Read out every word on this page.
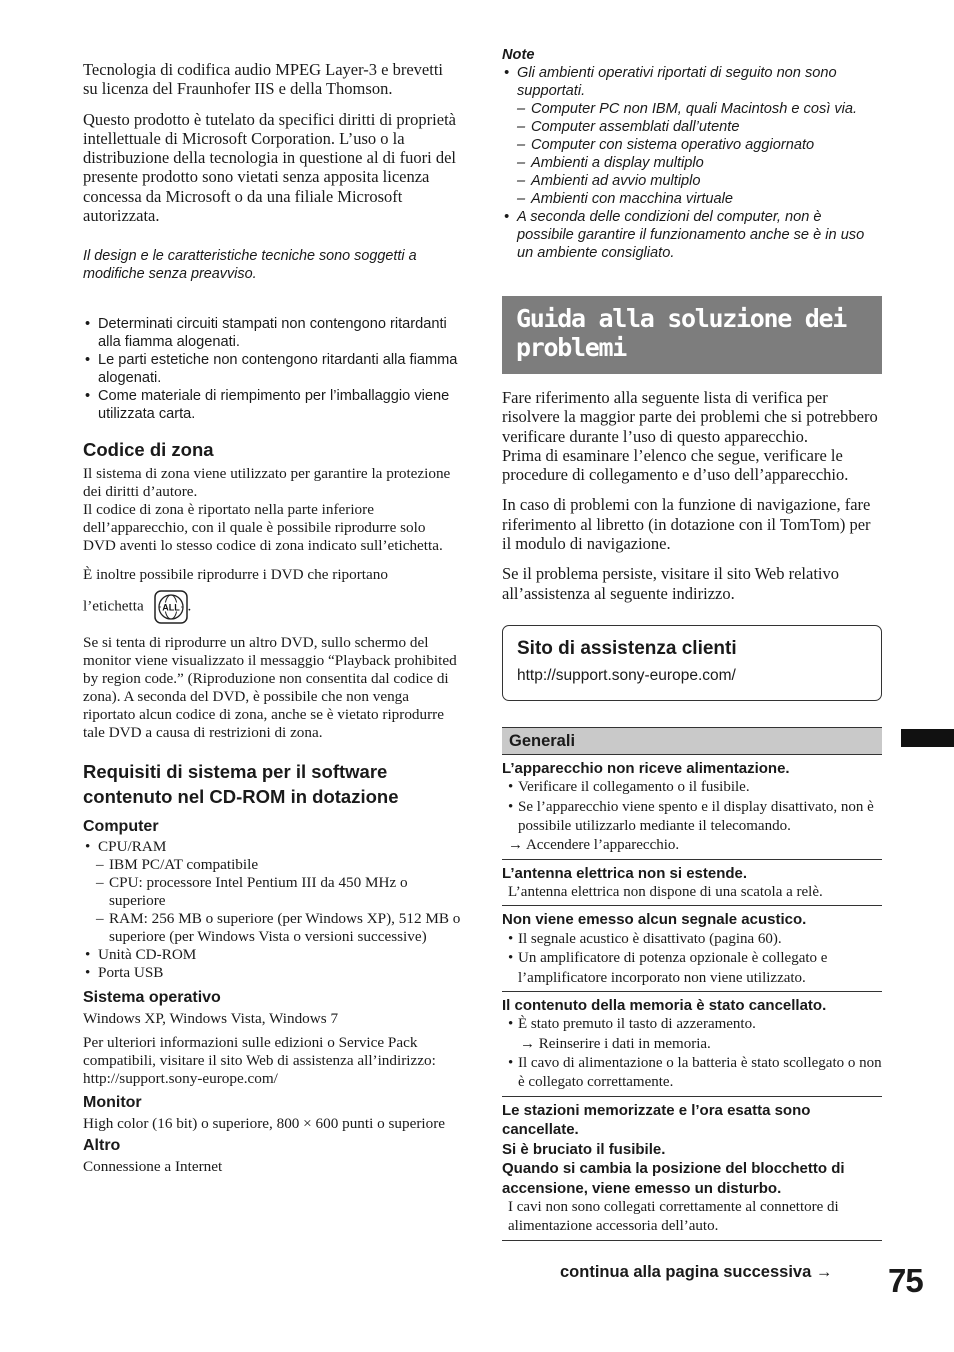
Tecnologia di codifica audio MPEG Layer-3 e brevetti su licenza del Fraunhofer IIS e della Thomson.

Questo prodotto è tutelato da specifici diritti di proprietà intellettuale di Microsoft Corporation. L’uso o la distribuzione della tecnologia in questione al di fuori del presente prodotto sono vietati senza apposita licenza concessa da Microsoft o da una filiale Microsoft autorizzata.

Il design e le caratteristiche tecniche sono soggetti a modifiche senza preavviso.

• Determinati circuiti stampati non contengono ritardanti alla fiamma alogenati.
• Le parti estetiche non contengono ritardanti alla fiamma alogenati.
• Come materiale di riempimento per l’imballaggio viene utilizzata carta.
Codice di zona

Il sistema di zona viene utilizzato per garantire la protezione dei diritti d’autore.

Il codice di zona è riportato nella parte inferiore dell’apparecchio, con il quale è possibile riprodurre solo DVD aventi lo stesso codice di zona indicato sull’etichetta.

È inoltre possibile riprodurre i DVD che riportano

l’etichetta ALL .

Se si tenta di riprodurre un altro DVD, sullo schermo del monitor viene visualizzato il messaggio “Playback prohibited by region code.” (Riproduzione non consentita dal codice di zona). A seconda del DVD, è possibile che non venga riportato alcun codice di zona, anche se è vietato riprodurre tale DVD a causa di restrizioni di zona.

Requisiti di sistema per il software contenuto nel CD-ROM in dotazione
Computer
• CPU/RAM
– IBM PC/AT compatibile
– CPU: processore Intel Pentium III da 450 MHz o superiore
– RAM: 256 MB o superiore (per Windows XP), 512 MB o superiore (per Windows Vista o versioni successive)
• Unità CD-ROM
• Porta USB
Sistema operativo

Windows XP, Windows Vista, Windows 7

Per ulteriori informazioni sulle edizioni o Service Pack compatibili, visitare il sito Web di assistenza all’indirizzo:

http://support.sony-europe.com/

Monitor

High color (16 bit) o superiore, 800 × 600 punti o superiore

Altro

Connessione a Internet

Note
• Gli ambienti operativi riportati di seguito non sono supportati.
– Computer PC non IBM, quali Macintosh e così via.
– Computer assemblati dall’utente
– Computer con sistema operativo aggiornato
– Ambienti a display multiplo
– Ambienti ad avvio multiplo
– Ambienti con macchina virtuale
• A seconda delle condizioni del computer, non è possibile garantire il funzionamento anche se è in uso un ambiente consigliato.
Guida alla soluzione dei problemi

Fare riferimento alla seguente lista di verifica per risolvere la maggior parte dei problemi che si potrebbero verificare durante l’uso di questo apparecchio.

Prima di esaminare l’elenco che segue, verificare le procedure di collegamento e d’uso dell’apparecchio.

In caso di problemi con la funzione di navigazione, fare riferimento al libretto (in dotazione con il TomTom) per il modulo di navigazione.

Se il problema persiste, visitare il sito Web relativo all’assistenza al seguente indirizzo.

Sito di assistenza clienti
http://support.sony-europe.com/
Generali
L’apparecchio non riceve alimentazione.
• Verificare il collegamento o il fusibile.
• Se l’apparecchio viene spento e il display disattivato, non è possibile utilizzarlo mediante il telecomando.
→ Accendere l’apparecchio.
L’antenna elettrica non si estende.
L’antenna elettrica non dispone di una scatola a relè.
Non viene emesso alcun segnale acustico.
• Il segnale acustico è disattivato (pagina 60).
• Un amplificatore di potenza opzionale è collegato e l’amplificatore incorporato non viene utilizzato.
Il contenuto della memoria è stato cancellato.
• È stato premuto il tasto di azzeramento.
→ Reinserire i dati in memoria.
• Il cavo di alimentazione o la batteria è stato scollegato o non è collegato correttamente.
Le stazioni memorizzate e l’ora esatta sono cancellate.
Si è bruciato il fusibile.
Quando si cambia la posizione del blocchetto di accensione, viene emesso un disturbo.
I cavi non sono collegati correttamente al connettore di alimentazione accessoria dell’auto.
continua alla pagina successiva → 75
